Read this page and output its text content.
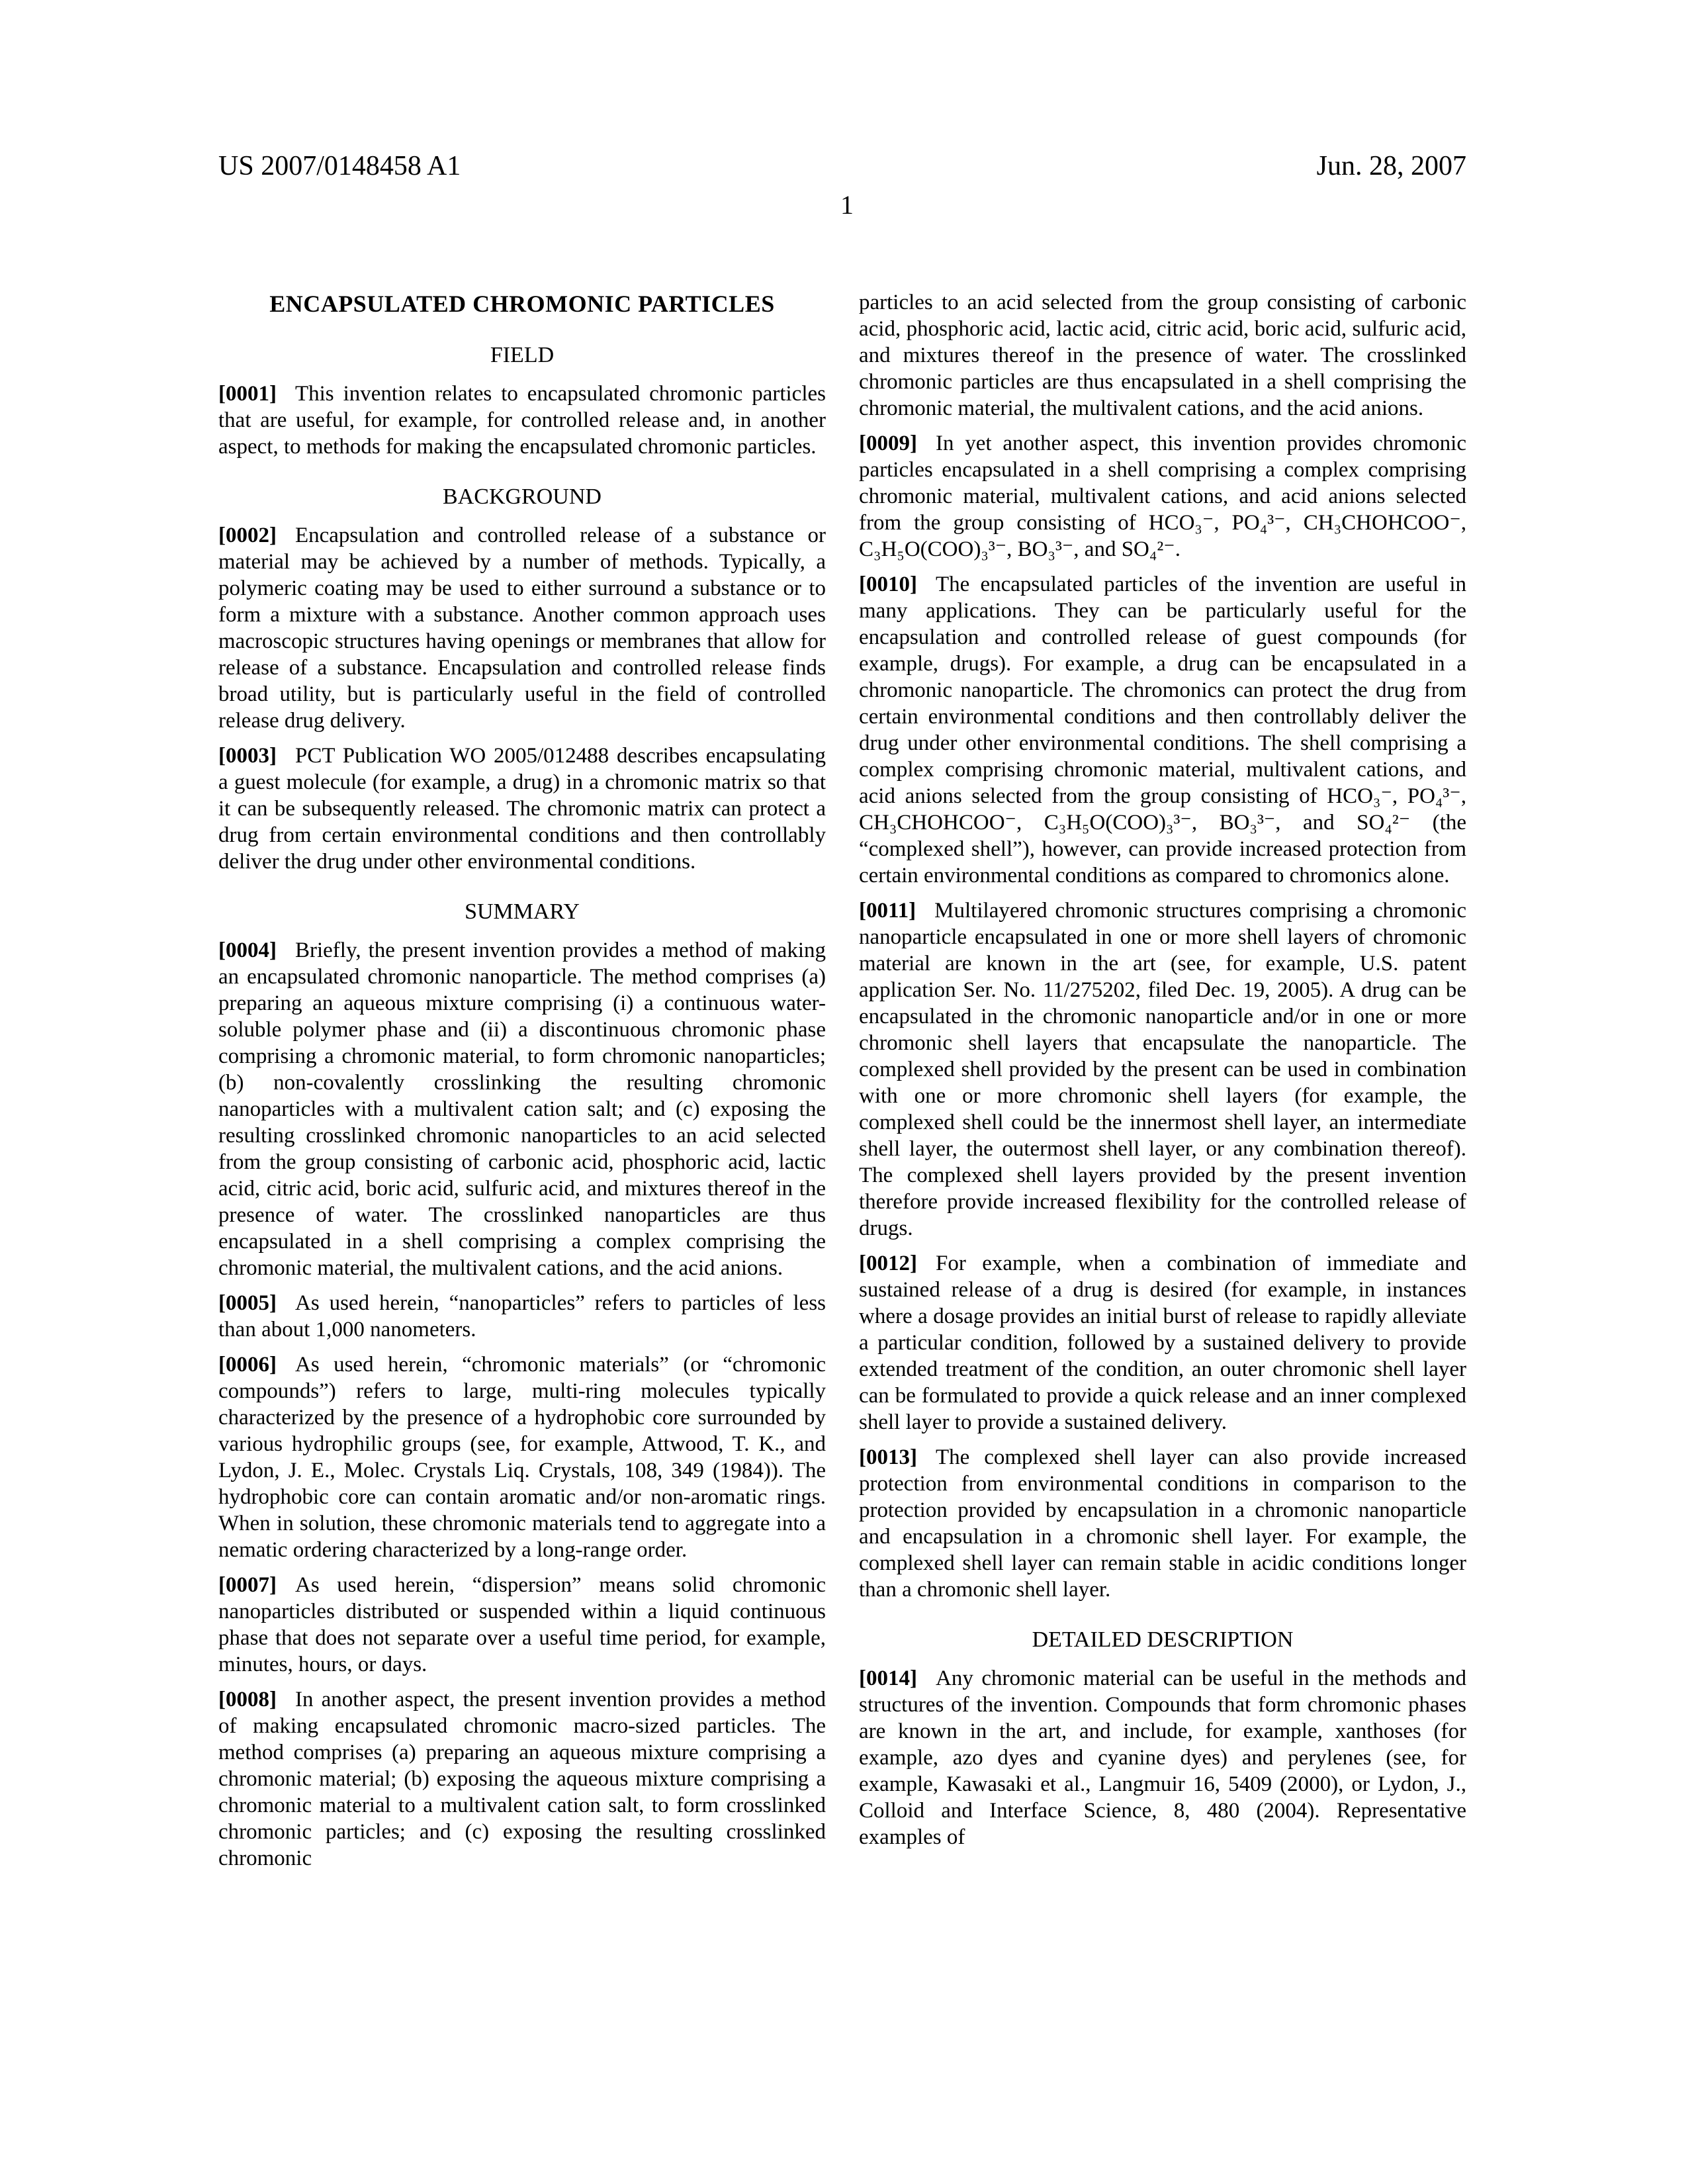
US 2007/0148458 A1	Jun. 28, 2007
1
ENCAPSULATED CHROMONIC PARTICLES
FIELD

[0001] This invention relates to encapsulated chromonic particles that are useful, for example, for controlled release and, in another aspect, to methods for making the encapsulated chromonic particles.

BACKGROUND

[0002] Encapsulation and controlled release of a substance or material may be achieved by a number of methods. Typically, a polymeric coating may be used to either surround a substance or to form a mixture with a substance. Another common approach uses macroscopic structures having openings or membranes that allow for release of a substance. Encapsulation and controlled release finds broad utility, but is particularly useful in the field of controlled release drug delivery.

[0003] PCT Publication WO 2005/012488 describes encapsulating a guest molecule (for example, a drug) in a chromonic matrix so that it can be subsequently released. The chromonic matrix can protect a drug from certain environmental conditions and then controllably deliver the drug under other environmental conditions.

SUMMARY

[0004] Briefly, the present invention provides a method of making an encapsulated chromonic nanoparticle. The method comprises (a) preparing an aqueous mixture comprising (i) a continuous water-soluble polymer phase and (ii) a discontinuous chromonic phase comprising a chromonic material, to form chromonic nanoparticles; (b) non-covalently crosslinking the resulting chromonic nanoparticles with a multivalent cation salt; and (c) exposing the resulting crosslinked chromonic nanoparticles to an acid selected from the group consisting of carbonic acid, phosphoric acid, lactic acid, citric acid, boric acid, sulfuric acid, and mixtures thereof in the presence of water. The crosslinked nanoparticles are thus encapsulated in a shell comprising a complex comprising the chromonic material, the multivalent cations, and the acid anions.

[0005] As used herein, “nanoparticles” refers to particles of less than about 1,000 nanometers.

[0006] As used herein, “chromonic materials” (or “chromonic compounds”) refers to large, multi-ring molecules typically characterized by the presence of a hydrophobic core surrounded by various hydrophilic groups (see, for example, Attwood, T. K., and Lydon, J. E., Molec. Crystals Liq. Crystals, 108, 349 (1984)). The hydrophobic core can contain aromatic and/or non-aromatic rings. When in solution, these chromonic materials tend to aggregate into a nematic ordering characterized by a long-range order.

[0007] As used herein, “dispersion” means solid chromonic nanoparticles distributed or suspended within a liquid continuous phase that does not separate over a useful time period, for example, minutes, hours, or days.

[0008] In another aspect, the present invention provides a method of making encapsulated chromonic macro-sized particles. The method comprises (a) preparing an aqueous mixture comprising a chromonic material; (b) exposing the aqueous mixture comprising a chromonic material to a multivalent cation salt, to form crosslinked chromonic particles; and (c) exposing the resulting crosslinked chromonic

particles to an acid selected from the group consisting of carbonic acid, phosphoric acid, lactic acid, citric acid, boric acid, sulfuric acid, and mixtures thereof in the presence of water. The crosslinked chromonic particles are thus encapsulated in a shell comprising the chromonic material, the multivalent cations, and the acid anions.

[0009] In yet another aspect, this invention provides chromonic particles encapsulated in a shell comprising a complex comprising chromonic material, multivalent cations, and acid anions selected from the group consisting of HCO₃⁻, PO₄³⁻, CH₃CHOHCOO⁻, C₃H₅O(COO)₃³⁻, BO₃³⁻, and SO₄²⁻.

[0010] The encapsulated particles of the invention are useful in many applications. They can be particularly useful for the encapsulation and controlled release of guest compounds (for example, drugs). For example, a drug can be encapsulated in a chromonic nanoparticle. The chromonics can protect the drug from certain environmental conditions and then controllably deliver the drug under other environmental conditions. The shell comprising a complex comprising chromonic material, multivalent cations, and acid anions selected from the group consisting of HCO₃⁻, PO₄³⁻, CH₃CHOHCOO⁻, C₃H₅O(COO)₃³⁻, BO₃³⁻, and SO₄²⁻ (the “complexed shell”), however, can provide increased protection from certain environmental conditions as compared to chromonics alone.

[0011] Multilayered chromonic structures comprising a chromonic nanoparticle encapsulated in one or more shell layers of chromonic material are known in the art (see, for example, U.S. patent application Ser. No. 11/275202, filed Dec. 19, 2005). A drug can be encapsulated in the chromonic nanoparticle and/or in one or more chromonic shell layers that encapsulate the nanoparticle. The complexed shell provided by the present can be used in combination with one or more chromonic shell layers (for example, the complexed shell could be the innermost shell layer, an intermediate shell layer, the outermost shell layer, or any combination thereof). The complexed shell layers provided by the present invention therefore provide increased flexibility for the controlled release of drugs.

[0012] For example, when a combination of immediate and sustained release of a drug is desired (for example, in instances where a dosage provides an initial burst of release to rapidly alleviate a particular condition, followed by a sustained delivery to provide extended treatment of the condition, an outer chromonic shell layer can be formulated to provide a quick release and an inner complexed shell layer to provide a sustained delivery.

[0013] The complexed shell layer can also provide increased protection from environmental conditions in comparison to the protection provided by encapsulation in a chromonic nanoparticle and encapsulation in a chromonic shell layer. For example, the complexed shell layer can remain stable in acidic conditions longer than a chromonic shell layer.

DETAILED DESCRIPTION

[0014] Any chromonic material can be useful in the methods and structures of the invention. Compounds that form chromonic phases are known in the art, and include, for example, xanthoses (for example, azo dyes and cyanine dyes) and perylenes (see, for example, Kawasaki et al., Langmuir 16, 5409 (2000), or Lydon, J., Colloid and Interface Science, 8, 480 (2004). Representative examples of
